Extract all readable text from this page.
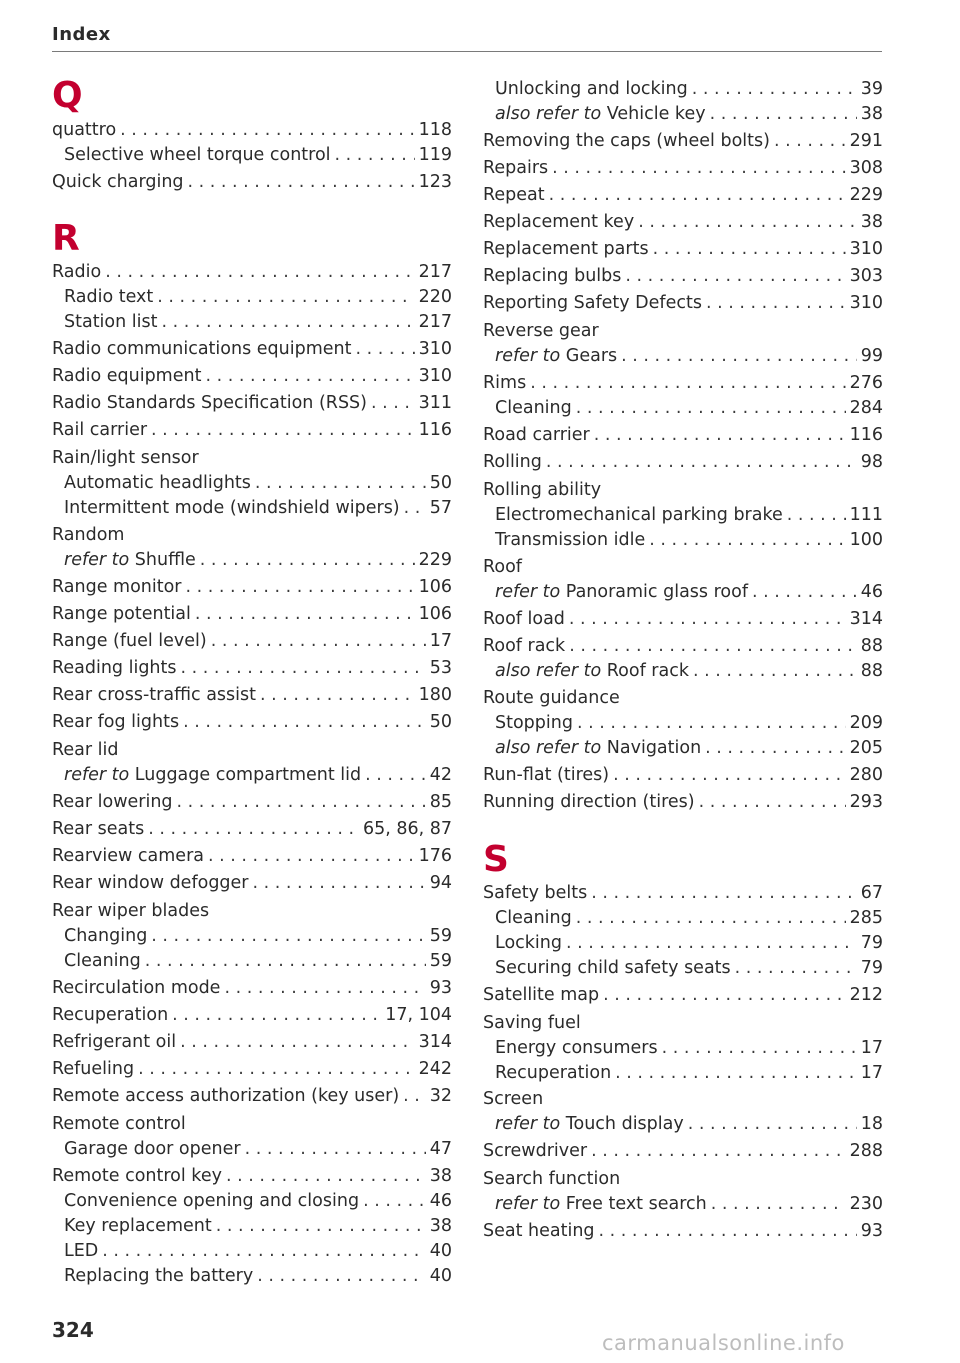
Index
Q
quattro . . .	118
Selective wheel torque control . . .	119
Quick charging . . .	123
R
Radio . . .	217
Radio text . . .	220
Station list . . .	217
Radio communications equipment . . .	310
Radio equipment . . .	310
Radio Standards Specification (RSS) . . .	311
Rail carrier . . .	116
Rain/light sensor
Automatic headlights . . .	50
Intermittent mode (windshield wipers) . . . 57
Random
refer to Shuffle . . .	229
Range monitor . . .	106
Range potential . . .	106
Range (fuel level) . . .	17
Reading lights . . .	53
Rear cross-traffic assist . . .	180
Rear fog lights . . .	50
Rear lid
refer to Luggage compartment lid . . .	42
Rear lowering . . .	85
Rear seats . . .	65, 86, 87
Rearview camera . . .	176
Rear window defogger . . .	94
Rear wiper blades
Changing . . .	59
Cleaning . . .	59
Recirculation mode . . .	93
Recuperation . . .	17, 104
Refrigerant oil . . .	314
Refueling . . .	242
Remote access authorization (key user) . . . 32
Remote control
Garage door opener . . .	47
Remote control key . . .	38
Convenience opening and closing . . .	46
Key replacement . . .	38
LED . . .	40
Replacing the battery . . .	40
Unlocking and locking . . .	39
also refer to Vehicle key . . .	38
Removing the caps (wheel bolts) . . .	291
Repairs . . .	308
Repeat . . .	229
Replacement key . . .	38
Replacement parts . . .	310
Replacing bulbs . . .	303
Reporting Safety Defects . . .	310
Reverse gear
refer to Gears . . .	99
Rims . . .	276
Cleaning . . .	284
Road carrier . . .	116
Rolling . . .	98
Rolling ability
Electromechanical parking brake . . .	111
Transmission idle . . .	100
Roof
refer to Panoramic glass roof . . .	46
Roof load . . .	314
Roof rack . . .	88
also refer to Roof rack . . .	88
Route guidance
Stopping . . .	209
also refer to Navigation . . .	205
Run-flat (tires) . . .	280
Running direction (tires) . . .	293
S
Safety belts . . .	67
Cleaning . . .	285
Locking . . .	79
Securing child safety seats . . .	79
Satellite map . . .	212
Saving fuel
Energy consumers . . .	17
Recuperation . . .	17
Screen
refer to Touch display . . .	18
Screwdriver . . .	288
Search function
refer to Free text search . . .	230
Seat heating . . .	93
324
carmanualsonline.info
